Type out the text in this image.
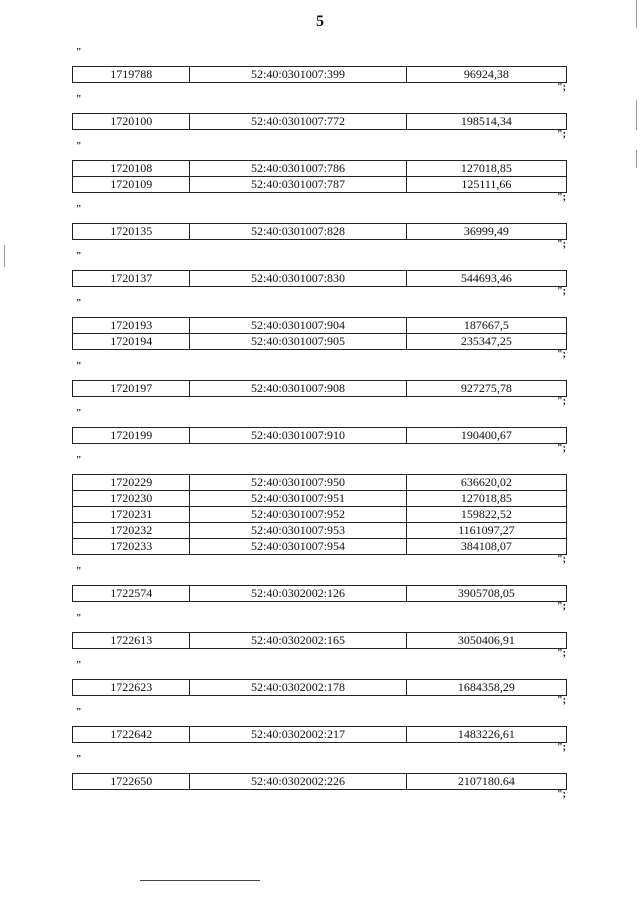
5
"
1719788	52:40:0301007:399	96924,38
";
"
1720100	52:40:0301007:772	198514,34
";
"
1720108	52:40:0301007:786	127018,85
1720109	52:40:0301007:787	125111,66
";
"
1720135	52:40:0301007:828	36999,49
";
"
1720137	52:40:0301007:830	544693,46
";
"
1720193	52:40:0301007:904	187667,5
1720194	52:40:0301007:905	235347,25
";
"
1720197	52:40:0301007:908	927275,78
";
"
1720199	52:40:0301007:910	190400,67
";
"
1720229	52:40:0301007:950	636620,02
1720230	52:40:0301007:951	127018,85
1720231	52:40:0301007:952	159822,52
1720232	52:40:0301007:953	1161097,27
1720233	52:40:0301007:954	384108,07
";
"
1722574	52:40:0302002:126	3905708,05
";
"
1722613	52:40:0302002:165	3050406,91
";
"
1722623	52:40:0302002:178	1684358,29
";
"
1722642	52:40:0302002:217	1483226,61
";
"
1722650	52:40:0302002:226	2107180.64
";
